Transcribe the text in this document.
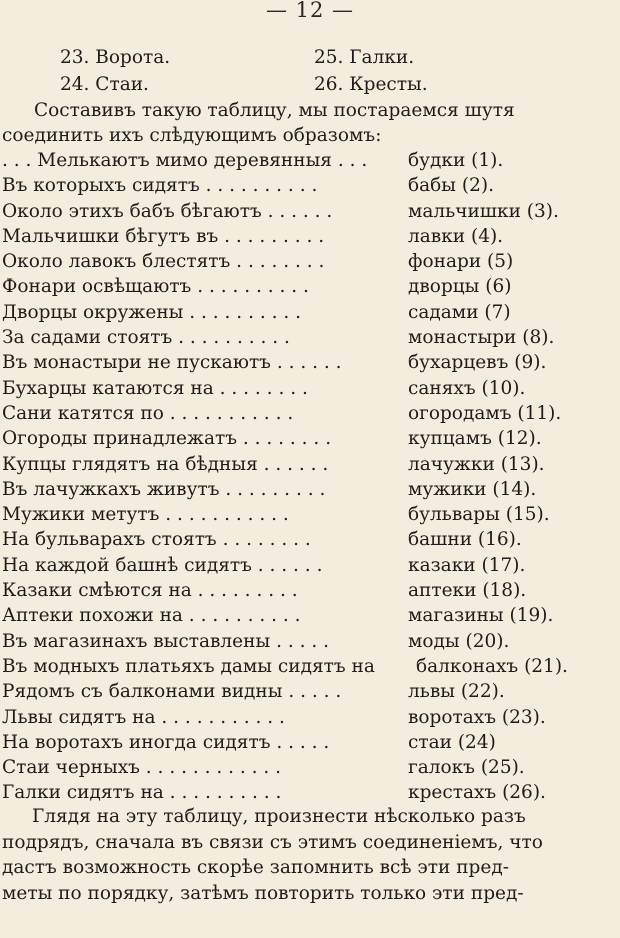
— 12 —
23. Ворота.
24. Стаи.
25. Галки.
26. Кресты.
Составивъ такую таблицу, мы постараемся шутя
соединить ихъ слѣдующимъ образомъ:
. . . Мелькаютъ мимо деревянныя . . . будки (1).
Въ которыхъ сидятъ . . . . . . . . . .	бабы (2).
Около этихъ бабъ бѣгаютъ . . . . . .	мальчишки (3).
Мальчишки бѣгутъ въ . . . . . . . . .	лавки (4).
Около лавокъ блестятъ . . . . . . . .	фонари (5)
Фонари освѣщаютъ . . . . . . . . . .	дворцы (6)
Дворцы окружены . . . . . . . . . .	садами (7)
За садами стоятъ . . . . . . . . . .	монастыри (8).
Въ монастыри не пускаютъ . . . . . .	бухарцевъ (9).
Бухарцы катаются на . . . . . . . .	саняхъ (10).
Сани катятся по . . . . . . . . . . .	огородамъ (11).
Огороды принадлежатъ . . . . . . . .	купцамъ (12).
Купцы глядятъ на бѣдныя . . . . . .	лачужки (13).
Въ лачужкахъ живутъ . . . . . . . . .	мужики (14).
Мужики метутъ . . . . . . . . . . .	бульвары (15).
На бульварахъ стоятъ . . . . . . . .	башни (16).
На каждой башнѣ сидятъ . . . . . .	казаки (17).
Казаки смѣются на . . . . . . . . .	аптеки (18).
Аптеки похожи на . . . . . . . . . .	магазины (19).
Въ магазинахъ выставлены . . . . .	моды (20).
Въ модныхъ платьяхъ дамы сидятъ на балконахъ (21).
Рядомъ съ балконами видны . . . . .	львы (22).
Львы сидятъ на . . . . . . . . . . .	воротахъ (23).
На воротахъ иногда сидятъ . . . . .	стаи (24)
Стаи черныхъ . . . . . . . . . . . .	галокъ (25).
Галки сидятъ на . . . . . . . . . .	крестахъ (26).
Глядя на эту таблицу, произнести нѣсколько разъ
подрядъ, сначала въ связи съ этимъ соединенiемъ, что
дастъ возможность скорѣе запомнить всѣ эти пред-
меты по порядку, затѣмъ повторить только эти пред-
